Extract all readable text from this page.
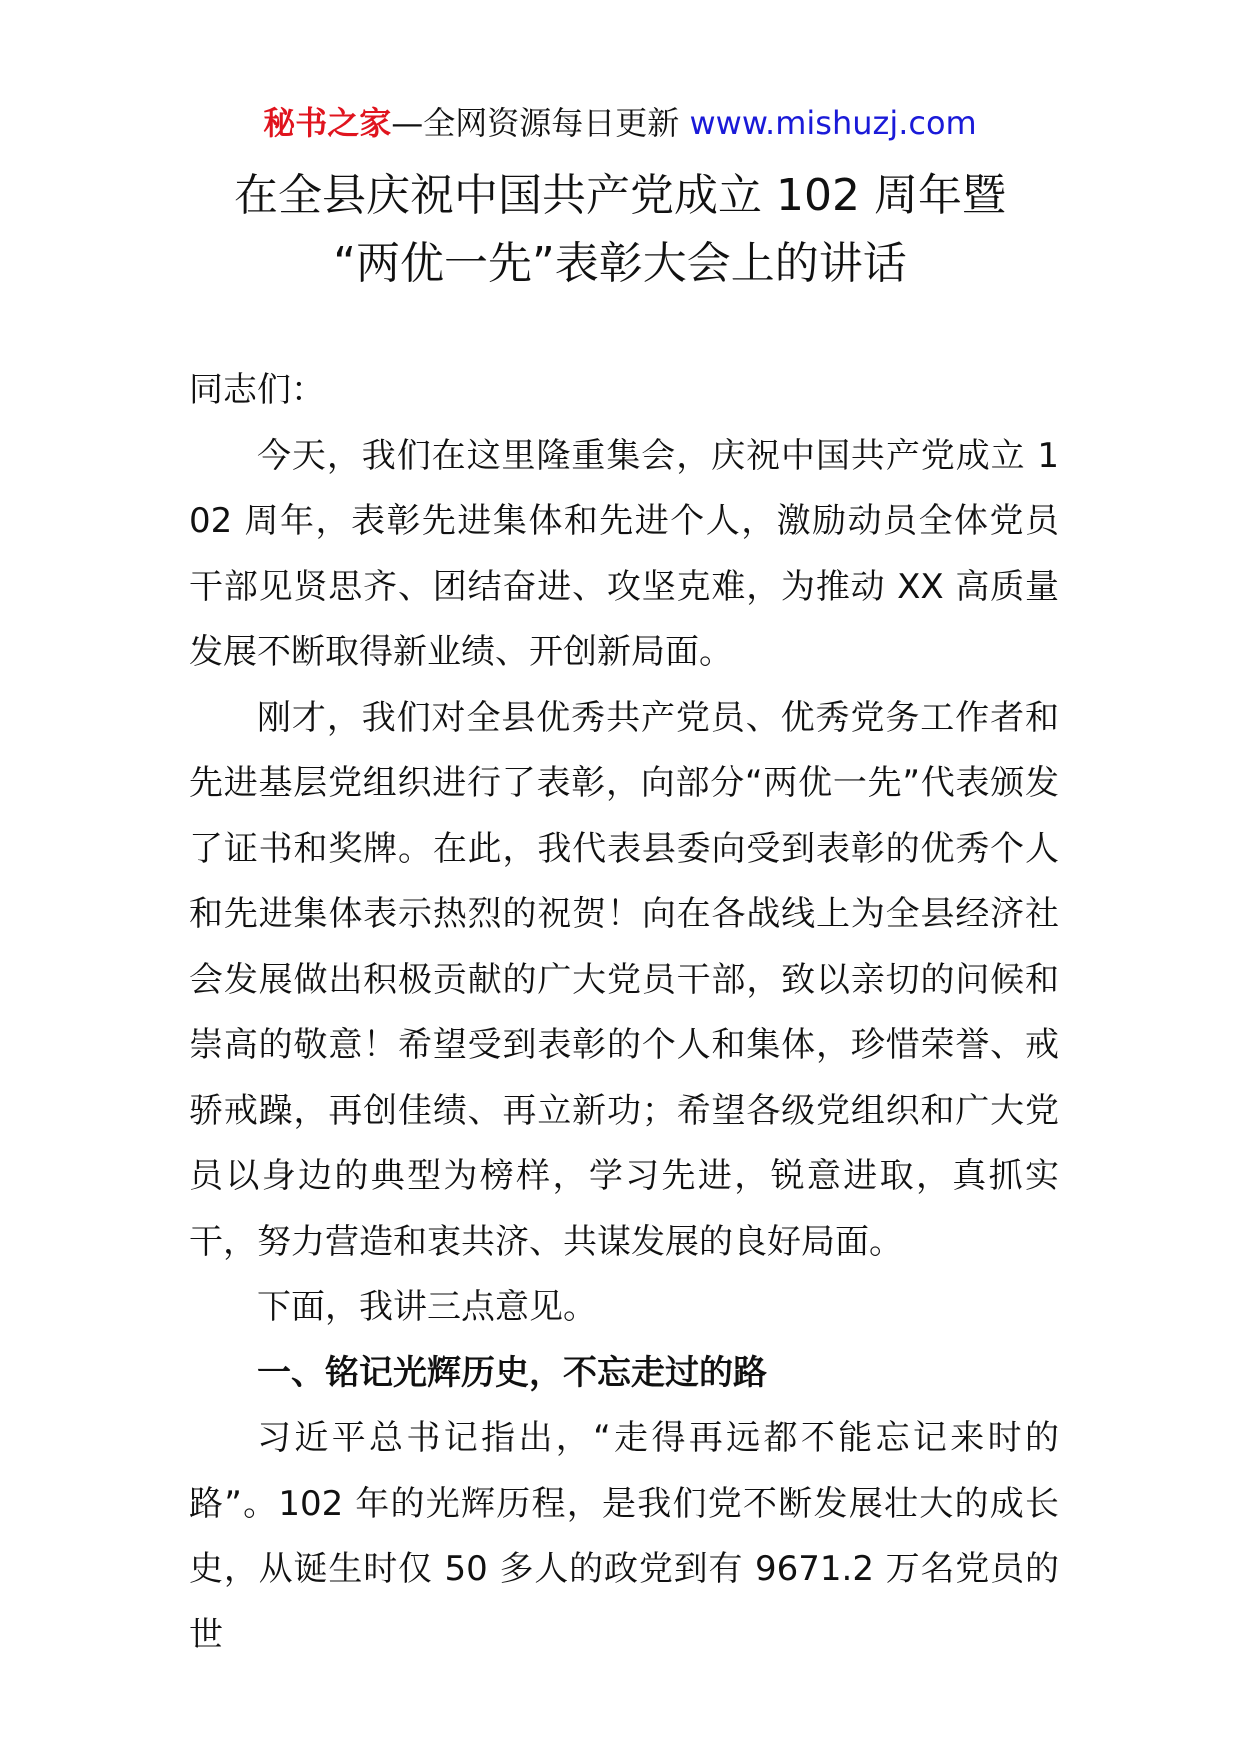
秘书之家—全网资源每日更新 www.mishuzj.com
在全县庆祝中国共产党成立 102 周年暨
“两优一先”表彰大会上的讲话

同志们：

今天，我们在这里隆重集会，庆祝中国共产党成立 102 周年，表彰先进集体和先进个人，激励动员全体党员干部见贤思齐、团结奋进、攻坚克难，为推动 XX 高质量发展不断取得新业绩、开创新局面。

刚才，我们对全县优秀共产党员、优秀党务工作者和先进基层党组织进行了表彰，向部分“两优一先”代表颁发了证书和奖牌。在此，我代表县委向受到表彰的优秀个人和先进集体表示热烈的祝贺！向在各战线上为全县经济社会发展做出积极贡献的广大党员干部，致以亲切的问候和崇高的敬意！希望受到表彰的个人和集体，珍惜荣誉、戒骄戒躁，再创佳绩、再立新功；希望各级党组织和广大党员以身边的典型为榜样，学习先进，锐意进取，真抓实干，努力营造和衷共济、共谋发展的良好局面。

下面，我讲三点意见。

一、铭记光辉历史，不忘走过的路

习近平总书记指出，“走得再远都不能忘记来时的路”。102 年的光辉历程，是我们党不断发展壮大的成长史，从诞生时仅 50 多人的政党到有 9671.2 万名党员的世
